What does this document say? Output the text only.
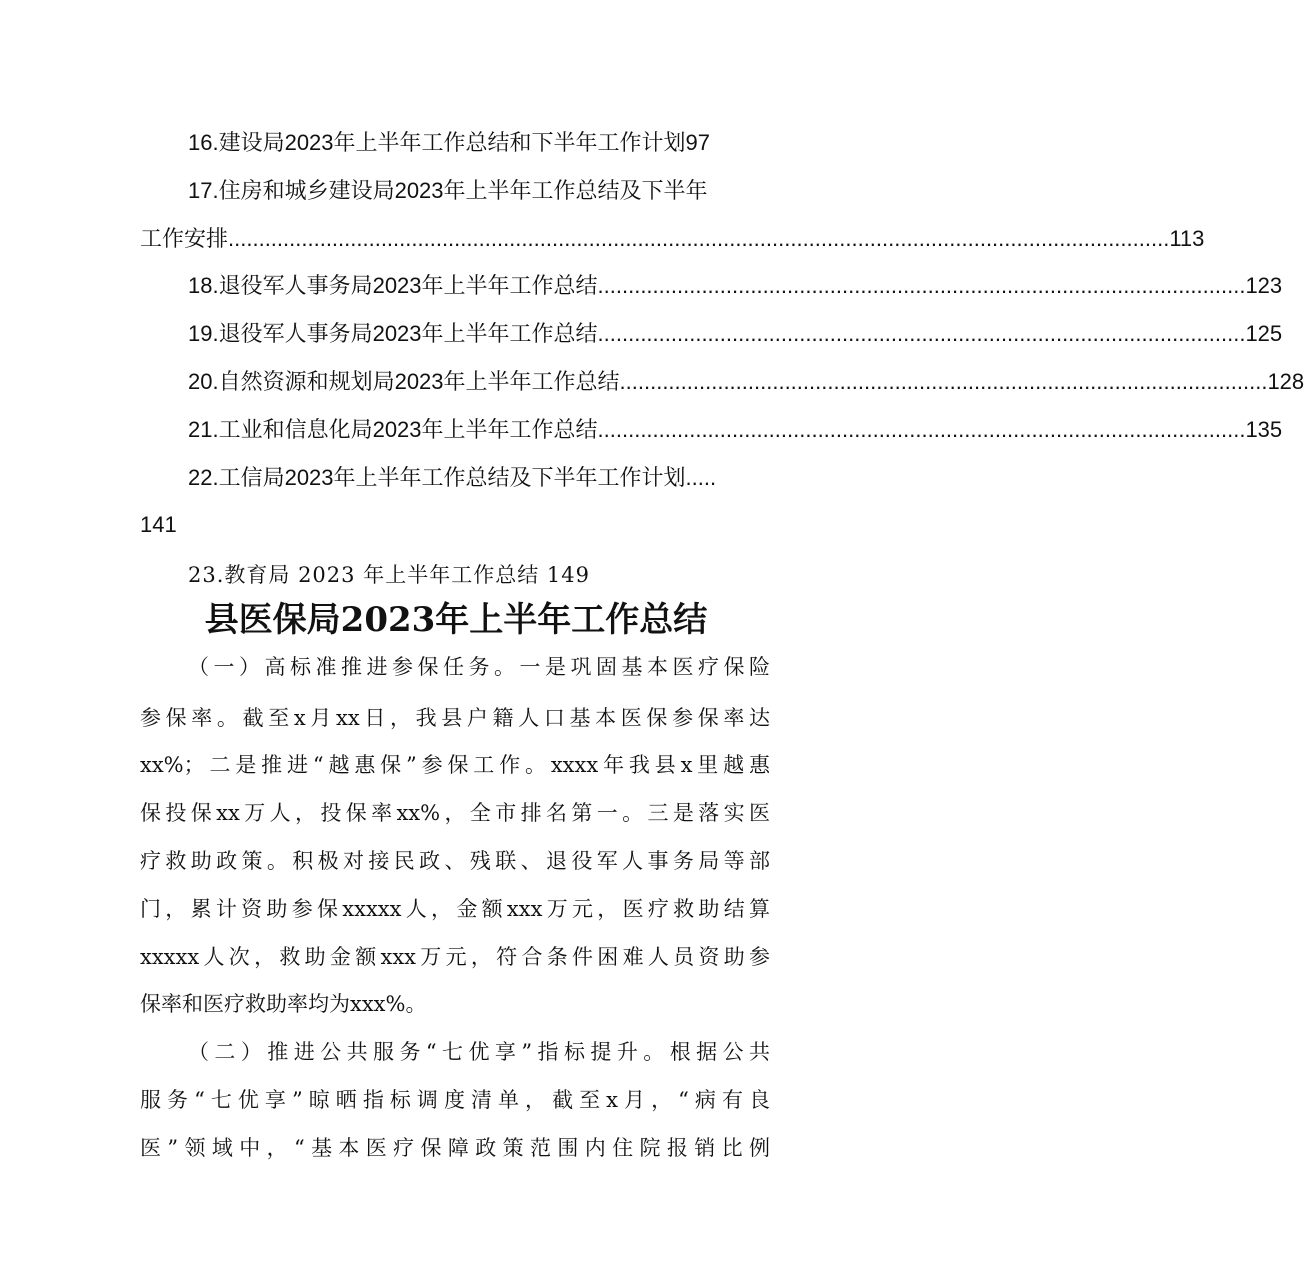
16.建设局2023年上半年工作总结和下半年工作计划97
17.住房和城乡建设局2023年上半年工作总结及下半年
工作安排 .......................................................................................................................................................... 113
18.退役军人事务局2023年上半年工作总结 .......................................................................................................... 123
19.退役军人事务局2023年上半年工作总结 .......................................................................................................... 125
20.自然资源和规划局2023年上半年工作总结 .......................................................................................................... 128
21.工业和信息化局2023年上半年工作总结 .......................................................................................................... 135
22.工信局2023年上半年工作总结及下半年工作计划.....
141
23.教育局 2023 年上半年工作总结 149
县医保局2023年上半年工作总结
（一）高标准推进参保任务。一是巩固基本医疗保险
参保率。截至x月xx日，我县户籍人口基本医保参保率达
xx%；二是推进“越惠保”参保工作。xxxx年我县x里越惠
保投保xx万人，投保率xx%，全市排名第一。三是落实医
疗救助政策。积极对接民政、残联、退役军人事务局等部
门，累计资助参保xxxxx人，金额xxx万元，医疗救助结算
xxxxx人次，救助金额xxx万元，符合条件困难人员资助参
保率和医疗救助率均为xxx%。
（二）推进公共服务“七优享”指标提升。根据公共
服务“七优享”晾晒指标调度清单，截至x月，“病有良
医”领域中，“基本医疗保障政策范围内住院报销比例
